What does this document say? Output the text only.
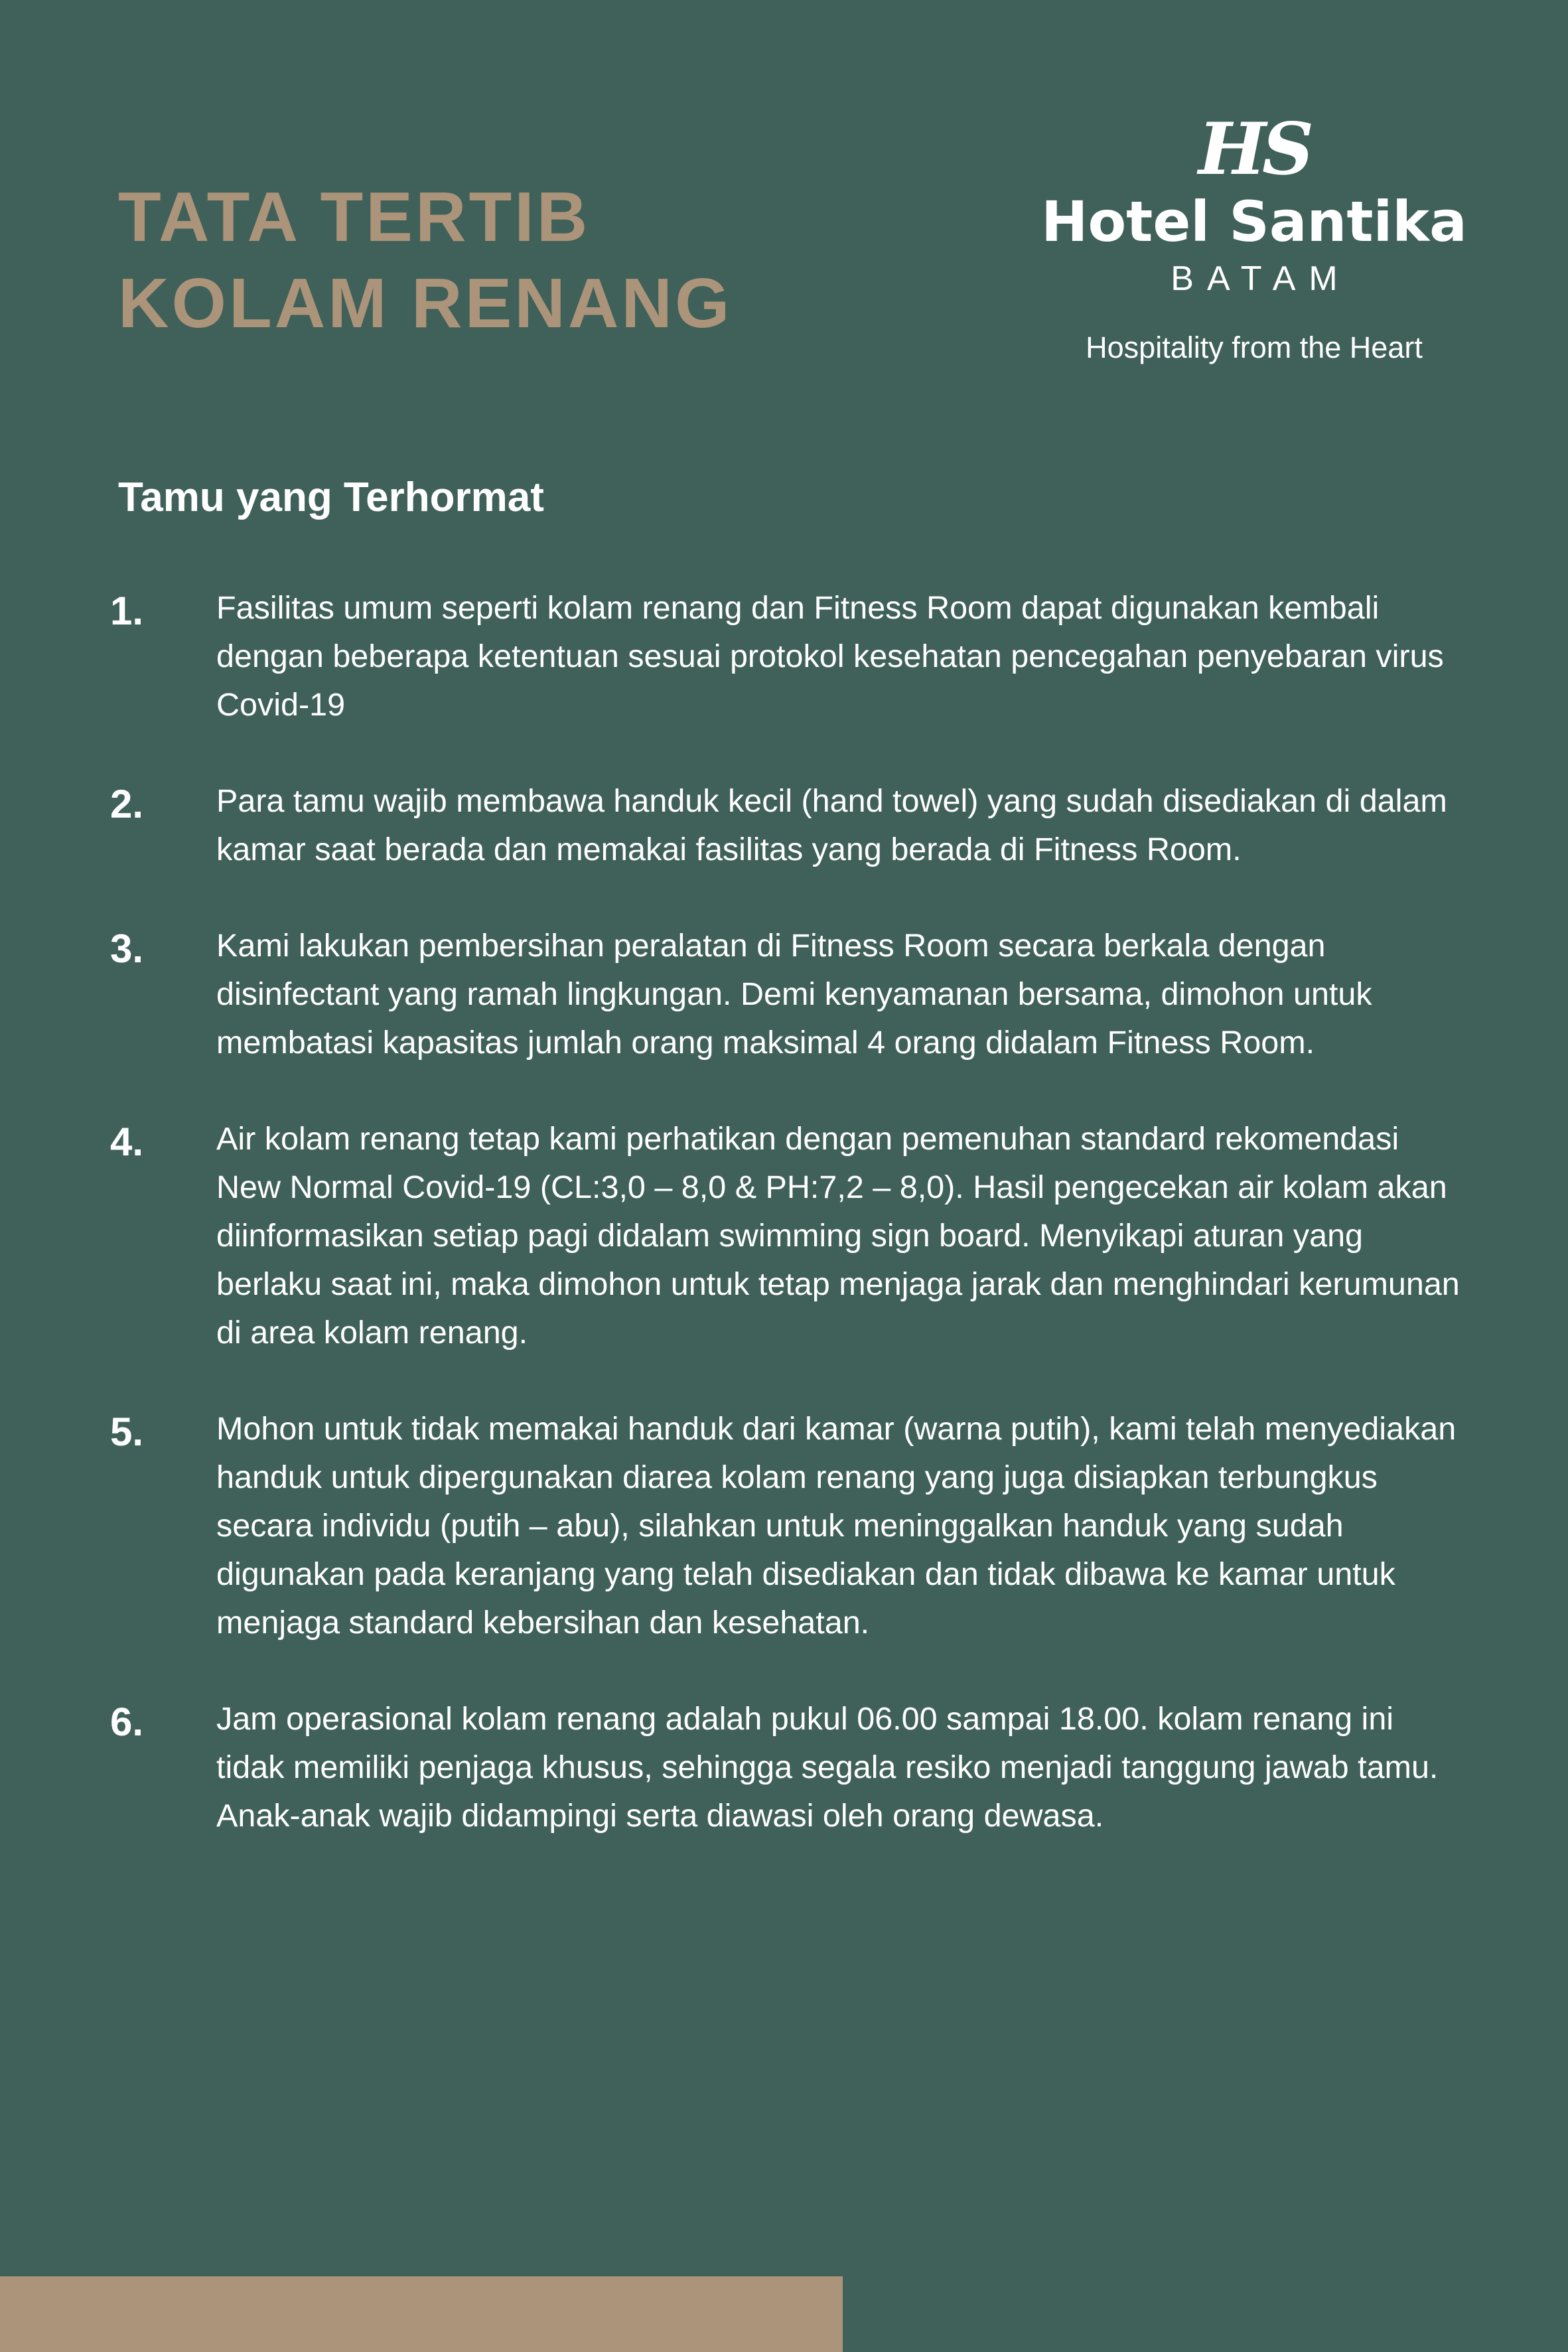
TATA TERTIB
KOLAM RENANG
HS
Hotel Santika
BATAM
Hospitality from the Heart
Tamu yang Terhormat
1. Fasilitas umum seperti kolam renang dan Fitness Room dapat digunakan kembali dengan beberapa ketentuan sesuai protokol kesehatan pencegahan penyebaran virus Covid-19
2. Para tamu wajib membawa handuk kecil (hand towel) yang sudah disediakan di dalam kamar saat berada dan memakai fasilitas yang berada di Fitness Room.
3. Kami lakukan pembersihan peralatan di Fitness Room secara berkala dengan disinfectant yang ramah lingkungan. Demi kenyamanan bersama, dimohon untuk membatasi kapasitas jumlah orang maksimal 4 orang didalam Fitness Room.
4. Air kolam renang tetap kami perhatikan dengan pemenuhan standard rekomendasi New Normal Covid-19 (CL:3,0 – 8,0 & PH:7,2 – 8,0). Hasil pengecekan air kolam akan diinformasikan setiap pagi didalam swimming sign board. Menyikapi aturan yang berlaku saat ini, maka dimohon untuk tetap menjaga jarak dan menghindari kerumunan di area kolam renang.
5. Mohon untuk tidak memakai handuk dari kamar (warna putih), kami telah menyediakan handuk untuk dipergunakan diarea kolam renang yang juga disiapkan terbungkus secara individu (putih – abu), silahkan untuk meninggalkan handuk yang sudah digunakan pada keranjang yang telah disediakan dan tidak dibawa ke kamar untuk menjaga standard kebersihan dan kesehatan.
6. Jam operasional kolam renang adalah pukul 06.00 sampai 18.00. kolam renang ini tidak memiliki penjaga khusus, sehingga segala resiko menjadi tanggung jawab tamu. Anak-anak wajib didampingi serta diawasi oleh orang dewasa.
